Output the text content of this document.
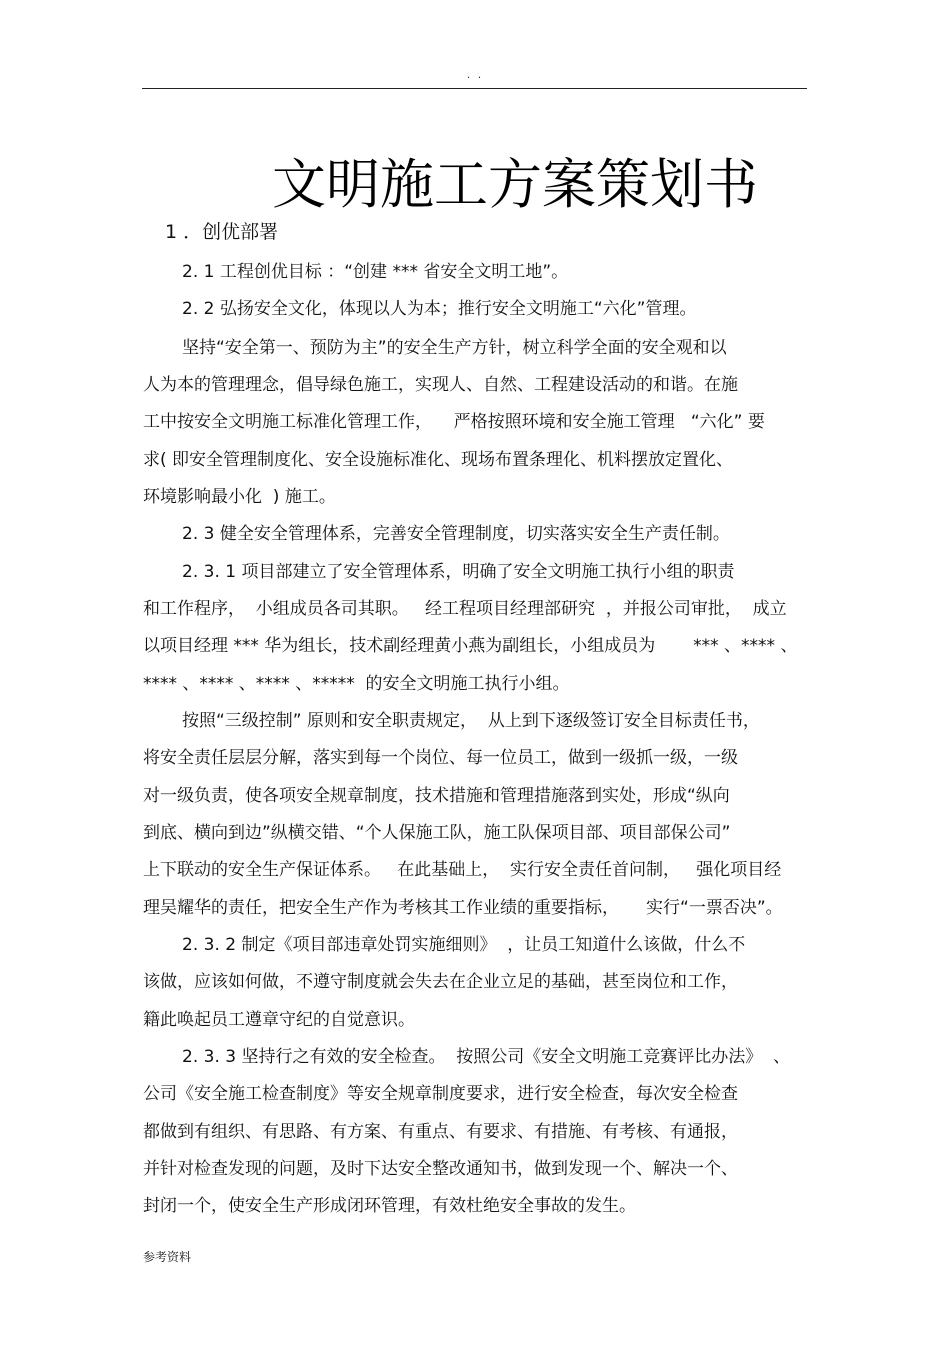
. .
文明施工方案策划书
1 ．创优部署
2. 1 工程创优目标 ：“创建 *** 省安全文明工地”。
2. 2 弘扬安全文化，体现以人为本；推行安全文明施工“六化”管理。
坚持“安全第一、预防为主”的安全生产方针，树立科学全面的安全观和以
人为本的管理理念，倡导绿色施工，实现人、自然、工程建设活动的和谐。在施
工中按安全文明施工标准化管理工作，    严格按照环境和安全施工管理   “六化” 要
求( 即安全管理制度化、安全设施标准化、现场布置条理化、机料摆放定置化、
环境影响最小化  ) 施工。
2. 3 健全安全管理体系，完善安全管理制度，切实落实安全生产责任制。
2. 3. 1 项目部建立了安全管理体系，明确了安全文明施工执行小组的职责
和工作程序，  小组成员各司其职。   经工程项目经理部研究  ，并报公司审批，  成立
以项目经理 *** 华为组长，技术副经理黄小燕为副组长，小组成员为       *** 、**** 、
**** 、**** 、**** 、*****  的安全文明施工执行小组。
按照“三级控制” 原则和安全职责规定，  从上到下逐级签订安全目标责任书，
将安全责任层层分解，落实到每一个岗位、每一位员工，做到一级抓一级，一级
对一级负责，使各项安全规章制度，技术措施和管理措施落到实处，形成“纵向
到底、横向到边”纵横交错、“个人保施工队，施工队保项目部、项目部保公司”
上下联动的安全生产保证体系。   在此基础上，  实行安全责任首问制，   强化项目经
理吴耀华的责任，把安全生产作为考核其工作业绩的重要指标，     实行“一票否决”。
2. 3. 2 制定《项目部违章处罚实施细则》  ，让员工知道什么该做，什么不
该做，应该如何做，不遵守制度就会失去在企业立足的基础，甚至岗位和工作，
籍此唤起员工遵章守纪的自觉意识。
2. 3. 3 坚持行之有效的安全检查。  按照公司《安全文明施工竞赛评比办法》  、
公司《安全施工检查制度》等安全规章制度要求，进行安全检查，每次安全检查
都做到有组织、有思路、有方案、有重点、有要求、有措施、有考核、有通报，
并针对检查发现的问题，及时下达安全整改通知书，做到发现一个、解决一个、
封闭一个，使安全生产形成闭环管理，有效杜绝安全事故的发生。
参考资料
